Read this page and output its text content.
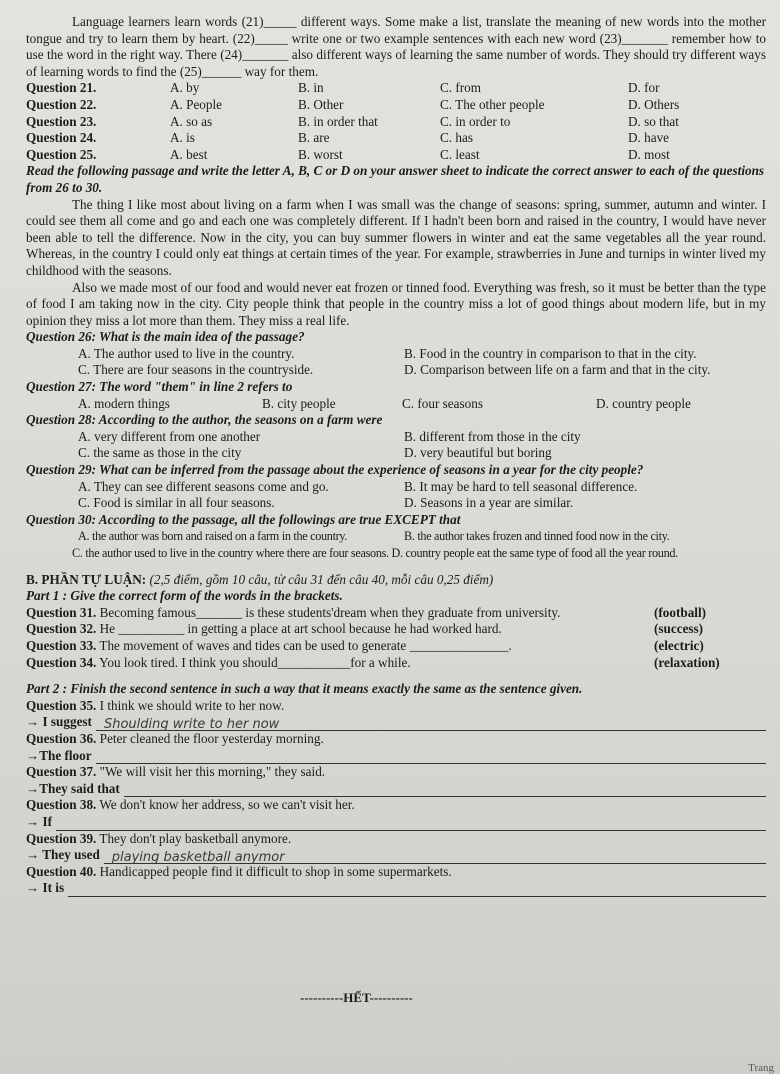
Language learners learn words (21)_____ different ways. Some make a list, translate the meaning of new words into the mother tongue and try to learn them by heart. (22)_____ write one or two example sentences with each new word (23)_______ remember how to use the word in the right way. There (24)_______ also different ways of learning the same number of words. They should try different ways of learning words to find the (25)______ way for them.

Question 21.	A. by	B. in	C. from	D. for
Question 22.	A. People	B. Other	C. The other people	D. Others
Question 23.	A. so as	B. in order that	C. in order to	D. so that
Question 24.	A. is	B. are	C. has	D. have
Question 25.	A. best	B. worst	C. least	D. most

Read the following passage and write the letter A, B, C or D on your answer sheet to indicate the correct answer to each of the questions from 26 to 30.

The thing I like most about living on a farm when I was small was the change of seasons: spring, summer, autumn and winter. I could see them all come and go and each one was completely different. If I hadn't been born and raised in the country, I would have never been able to tell the difference. Now in the city, you can buy summer flowers in winter and eat the same vegetables all the year round. Whereas, in the country I could only eat things at certain times of the year. For example, strawberries in June and turnips in winter lived my childhood with the seasons.

Also we made most of our food and would never eat frozen or tinned food. Everything was fresh, so it must be better than the type of food I am taking now in the city. City people think that people in the country miss a lot of good things about modern life, but in my opinion they miss a lot more than them. They miss a real life.

Question 26: What is the main idea of the passage?

A. The author used to live in the country.	B. Food in the country in comparison to that in the city.
C. There are four seasons in the countryside.	D. Comparison between life on a farm and that in the city.

Question 27: The word "them" in line 2 refers to

A. modern things	B. city people	C. four seasons	D. country people

Question 28: According to the author, the seasons on a farm were

A. very different from one another	B. different from those in the city
C. the same as those in the city	D. very beautiful but boring

Question 29: What can be inferred from the passage about the experience of seasons in a year for the city people?

A. They can see different seasons come and go.	B. It may be hard to tell seasonal difference.
C. Food is similar in all four seasons.	D. Seasons in a year are similar.

Question 30: According to the passage, all the followings are true EXCEPT that

A. the author was born and raised on a farm in the country.	B. the author takes frozen and tinned food now in the city.
C. the author used to live in the country where there are four seasons. D. country people eat the same type of food all the year round.

B. PHẦN TỰ LUẬN: (2,5 điểm, gồm 10 câu, từ câu 31 đến câu 40, mỗi câu 0,25 điểm)

Part 1 : Give the correct form of the words in the brackets.

Question 31. Becoming famous_______ is these students'dream when they graduate from university.	(football)
Question 32. He __________ in getting a place at art school because he had worked hard.	(success)
Question 33. The movement of waves and tides can be used to generate _______________.	(electric)
Question 34. You look tired. I think you should___________for a while.	(relaxation)

Part 2 : Finish the second sentence in such a way that it means exactly the same as the sentence given.

Question 35. I think we should write to her now.

→ I suggest Shoulding write to her now

Question 36. Peter cleaned the floor yesterday morning.

→The floor

Question 37. "We will visit her this morning," they said.

→They said that

Question 38. We don't know her address, so we can't visit her.

→ If

Question 39. They don't play basketball anymore.

→ They used playing basketball anymor

Question 40. Handicapped people find it difficult to shop in some supermarkets.

→ It is
----------HẾT----------
Trang
